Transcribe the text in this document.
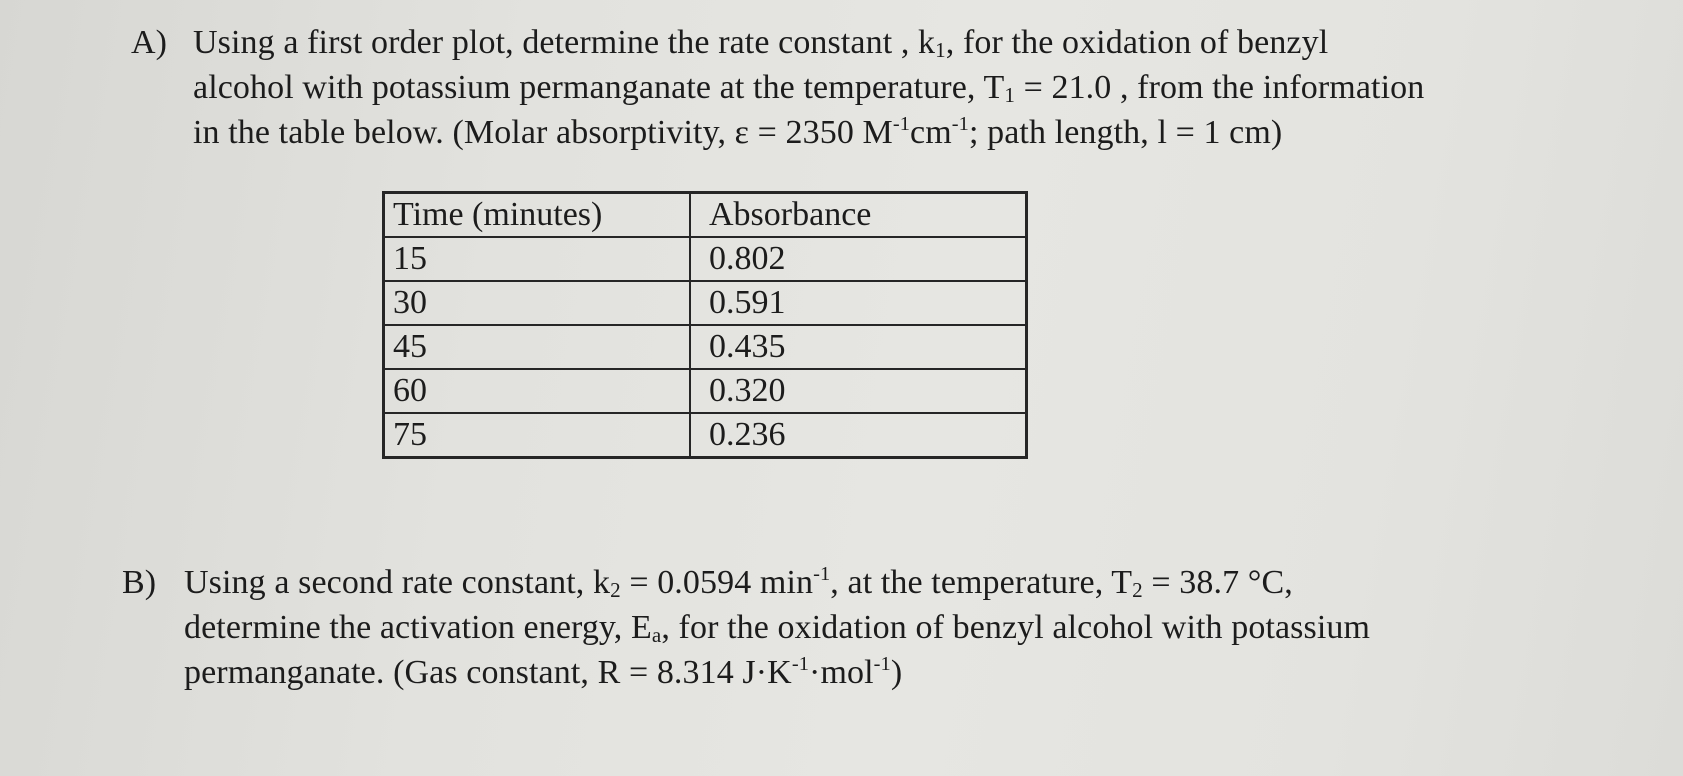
A) Using a first order plot, determine the rate constant , $k_1$, for the oxidation of benzyl
alcohol with potassium permanganate at the temperature, $T_1 = 21.0$ , from the information
in the table below. (Molar absorptivity, ε = 2350 $M^{-1}cm^{-1}$; path length, l = 1 cm)
Time (minutes)	Absorbance
15	0.802
30	0.591
45	0.435
60	0.320
75	0.236
B) Using a second rate constant, $k_2 = 0.0594$ $\min^{-1}$, at the temperature, $T_2 = 38.7$ °C,
determine the activation energy, $E_a$, for the oxidation of benzyl alcohol with potassium
permanganate. (Gas constant, R = 8.314 $J\cdot K^{-1}\cdot mol^{-1}$)
